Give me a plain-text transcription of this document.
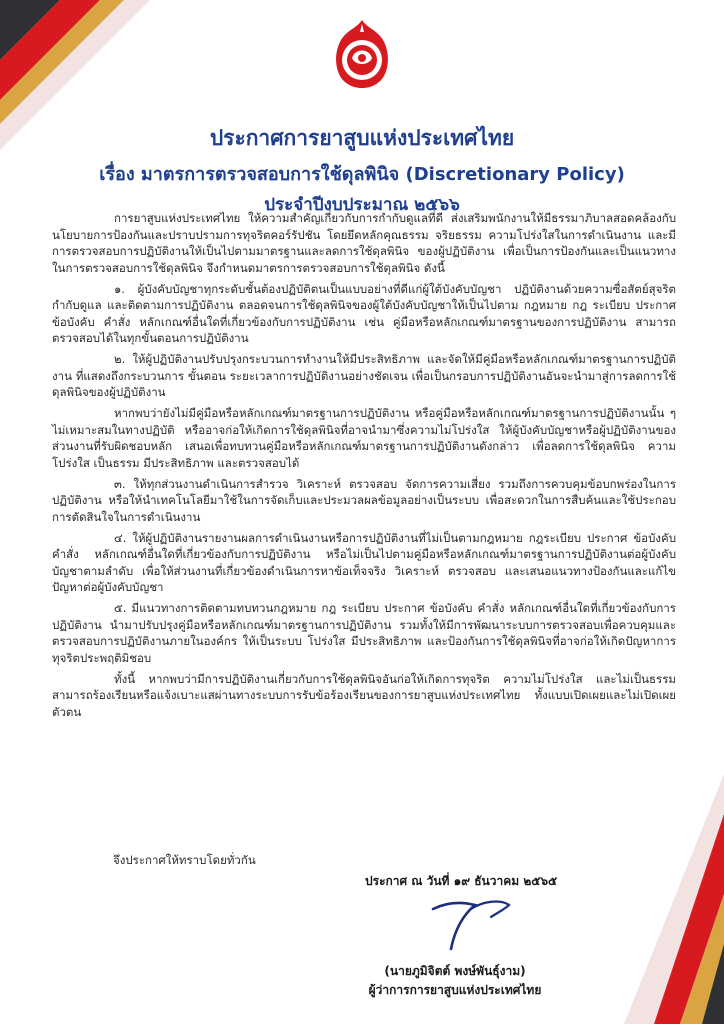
ประกาศการยาสูบแห่งประเทศไทย
เรื่อง มาตรการตรวจสอบการใช้ดุลพินิจ (Discretionary Policy)
ประจำปีงบประมาณ ๒๕๖๖

การยาสูบแห่งประเทศไทย ให้ความสำคัญเกี่ยวกับการกำกับดูแลที่ดี ส่งเสริมพนักงานให้มีธรรมาภิบาลสอดคล้องกับนโยบายการป้องกันและปราบปรามการทุจริตคอร์รัปชัน โดยยึดหลักคุณธรรม จริยธรรม ความโปร่งใสในการดำเนินงาน และมีการตรวจสอบการปฏิบัติงานให้เป็นไปตามมาตรฐานและลดการใช้ดุลพินิจ ของผู้ปฏิบัติงาน เพื่อเป็นการป้องกันและเป็นแนวทางในการตรวจสอบการใช้ดุลพินิจ จึงกำหนดมาตรการตรวจสอบการใช้ดุลพินิจ ดังนี้

๑. ผู้บังคับบัญชาทุกระดับชั้นต้องปฏิบัติตนเป็นแบบอย่างที่ดีแก่ผู้ใต้บังคับบัญชา ปฏิบัติงานด้วยความซื่อสัตย์สุจริต กำกับดูแล และติดตามการปฏิบัติงาน ตลอดจนการใช้ดุลพินิจของผู้ใต้บังคับบัญชาให้เป็นไปตาม กฎหมาย กฎ ระเบียบ ประกาศ ข้อบังคับ คำสั่ง หลักเกณฑ์อื่นใดที่เกี่ยวข้องกับการปฏิบัติงาน เช่น คู่มือหรือหลักเกณฑ์มาตรฐานของการปฏิบัติงาน สามารถตรวจสอบได้ในทุกขั้นตอนการปฏิบัติงาน

๒. ให้ผู้ปฏิบัติงานปรับปรุงกระบวนการทำงานให้มีประสิทธิภาพ และจัดให้มีคู่มือหรือหลักเกณฑ์มาตรฐานการปฏิบัติงาน ที่แสดงถึงกระบวนการ ขั้นตอน ระยะเวลาการปฏิบัติงานอย่างชัดเจน เพื่อเป็นกรอบการปฏิบัติงานอันจะนำมาสู่การลดการใช้ดุลพินิจของผู้ปฏิบัติงาน

หากพบว่ายังไม่มีคู่มือหรือหลักเกณฑ์มาตรฐานการปฏิบัติงาน หรือคู่มือหรือหลักเกณฑ์มาตรฐานการปฏิบัติงานนั้น ๆ ไม่เหมาะสมในทางปฏิบัติ หรืออาจก่อให้เกิดการใช้ดุลพินิจที่อาจนำมาซึ่งความไม่โปร่งใส ให้ผู้บังคับบัญชาหรือผู้ปฏิบัติงานของส่วนงานที่รับผิดชอบหลัก เสนอเพื่อทบทวนคู่มือหรือหลักเกณฑ์มาตรฐานการปฏิบัติงานดังกล่าว เพื่อลดการใช้ดุลพินิจ ความโปร่งใส เป็นธรรม มีประสิทธิภาพ และตรวจสอบได้

๓. ให้ทุกส่วนงานดำเนินการสำรวจ วิเคราะห์ ตรวจสอบ จัดการความเสี่ยง รวมถึงการควบคุมข้อบกพร่องในการปฏิบัติงาน หรือให้นำเทคโนโลยีมาใช้ในการจัดเก็บและประมวลผลข้อมูลอย่างเป็นระบบ เพื่อสะดวกในการสืบค้นและใช้ประกอบการตัดสินใจในการดำเนินงาน

๔. ให้ผู้ปฏิบัติงานรายงานผลการดำเนินงานหรือการปฏิบัติงานที่ไม่เป็นตามกฎหมาย กฎระเบียบ ประกาศ ข้อบังคับ คำสั่ง หลักเกณฑ์อื่นใดที่เกี่ยวข้องกับการปฏิบัติงาน หรือไม่เป็นไปตามคู่มือหรือหลักเกณฑ์มาตรฐานการปฏิบัติงานต่อผู้บังคับบัญชาตามลำดับ เพื่อให้ส่วนงานที่เกี่ยวข้องดำเนินการหาข้อเท็จจริง วิเคราะห์ ตรวจสอบ และเสนอแนวทางป้องกันและแก้ไขปัญหาต่อผู้บังคับบัญชา

๕. มีแนวทางการติดตามทบทวนกฎหมาย กฎ ระเบียบ ประกาศ ข้อบังคับ คำสั่ง หลักเกณฑ์อื่นใดที่เกี่ยวข้องกับการปฏิบัติงาน นำมาปรับปรุงคู่มือหรือหลักเกณฑ์มาตรฐานการปฏิบัติงาน รวมทั้งให้มีการพัฒนาระบบการตรวจสอบเพื่อควบคุมและตรวจสอบการปฏิบัติงานภายในองค์กร ให้เป็นระบบ โปร่งใส มีประสิทธิภาพ และป้องกันการใช้ดุลพินิจที่อาจก่อให้เกิดปัญหาการทุจริตประพฤติมิชอบ

ทั้งนี้ หากพบว่ามีการปฏิบัติงานเกี่ยวกับการใช้ดุลพินิจอันก่อให้เกิดการทุจริต ความไม่โปร่งใส และไม่เป็นธรรม สามารถร้องเรียนหรือแจ้งเบาะแสผ่านทางระบบการรับข้อร้องเรียนของการยาสูบแห่งประเทศไทย ทั้งแบบเปิดเผยและไม่เปิดเผยตัวตน

จึงประกาศให้ทราบโดยทั่วกัน
ประกาศ ณ วันที่ ๑๙ ธันวาคม ๒๕๖๕
(นายภูมิจิตต์ พงษ์พันธุ์งาม)
ผู้ว่าการการยาสูบแห่งประเทศไทย
